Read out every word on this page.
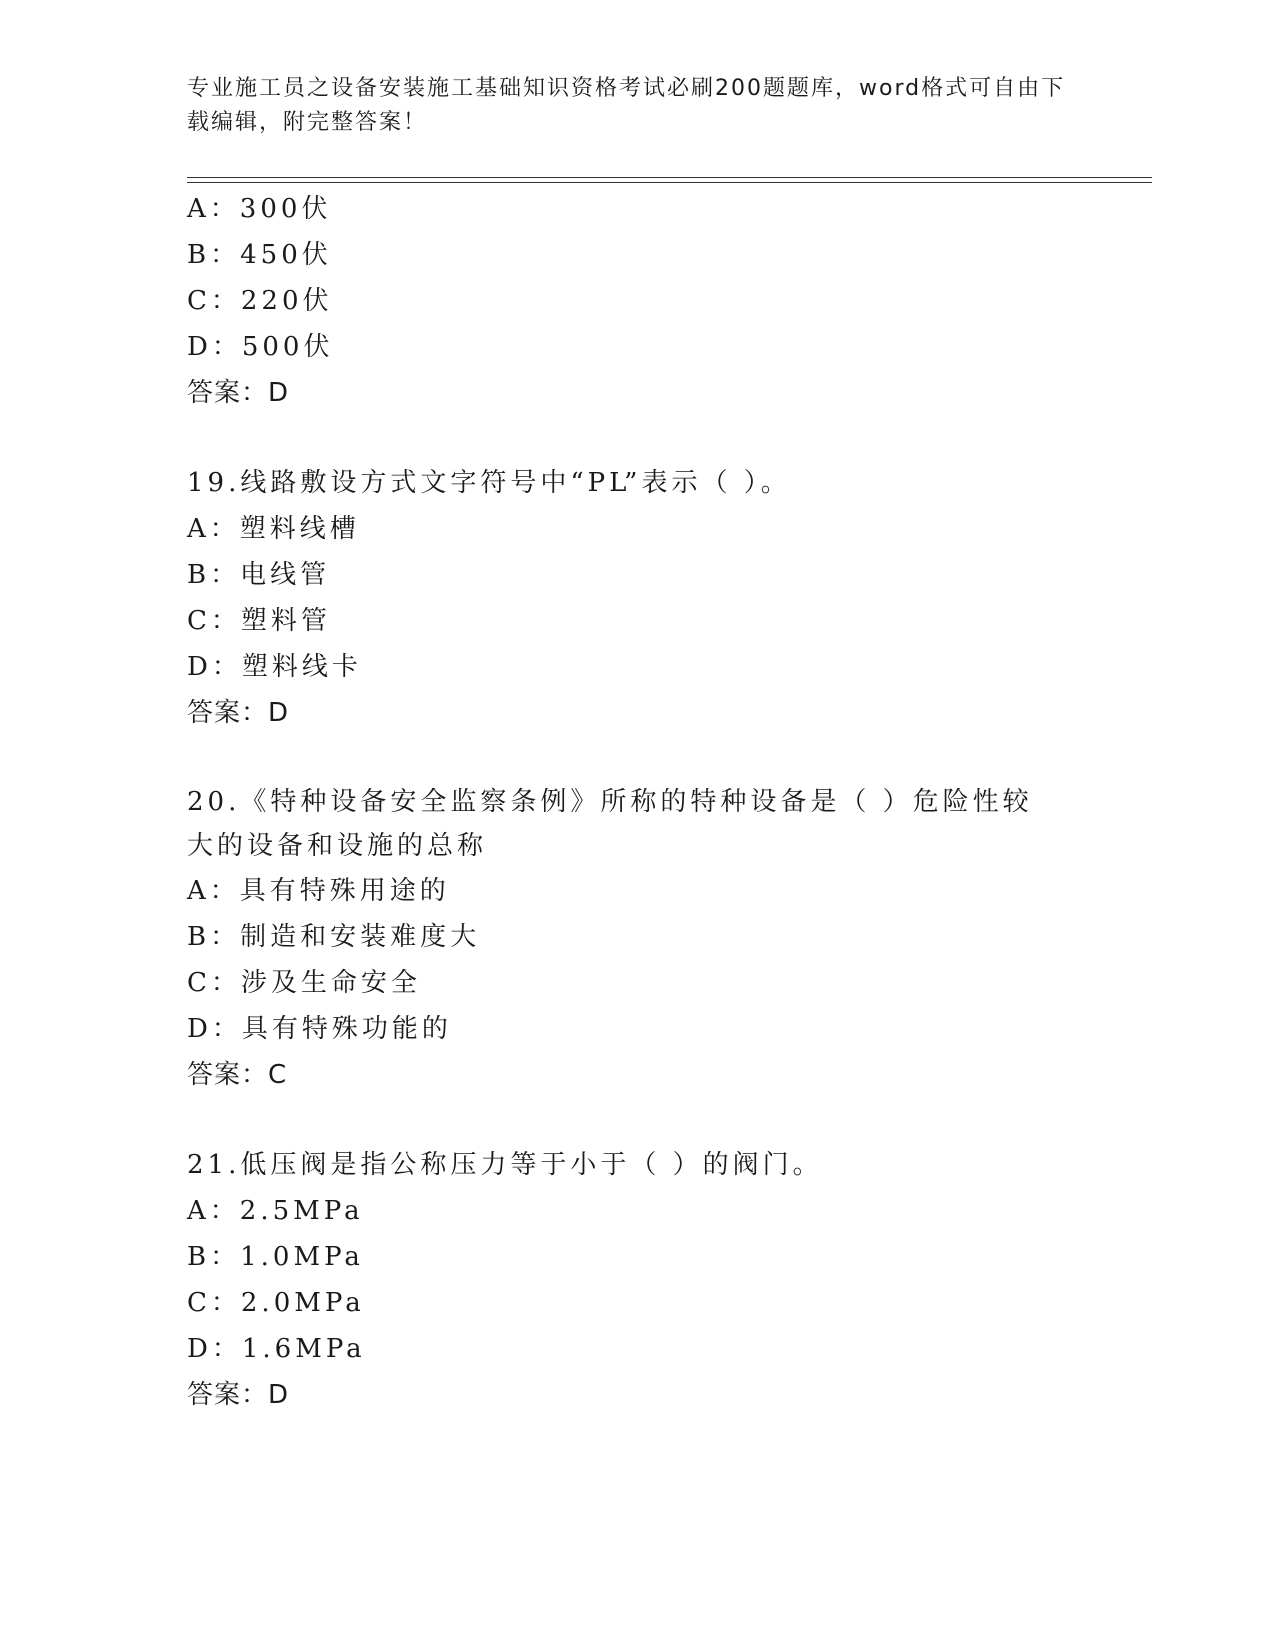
专业施工员之设备安装施工基础知识资格考试必刷200题题库，word格式可自由下载编辑，附完整答案！
A：300伏
B：450伏
C：220伏
D：500伏
答案：D
19.线路敷设方式文字符号中“PL”表示（ ）。
A：塑料线槽
B：电线管
C：塑料管
D：塑料线卡
答案：D
20.《特种设备安全监察条例》所称的特种设备是（ ）危险性较大的设备和设施的总称
A：具有特殊用途的
B：制造和安装难度大
C：涉及生命安全
D：具有特殊功能的
答案：C
21.低压阀是指公称压力等于小于（ ）的阀门。
A：2.5MPa
B：1.0MPa
C：2.0MPa
D：1.6MPa
答案：D
